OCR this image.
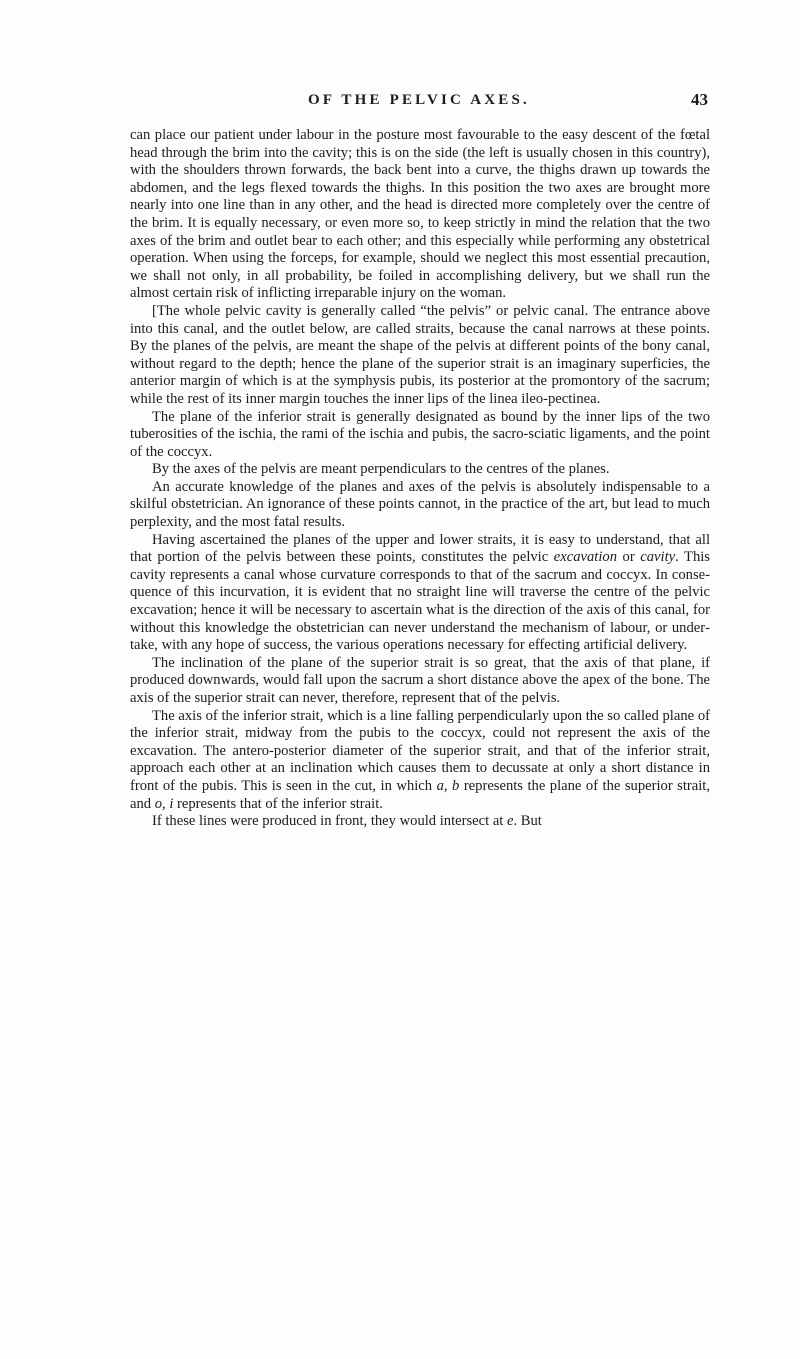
OF THE PELVIC AXES.	43

can place our patient under labour in the posture most favourable to the easy descent of the fœtal head through the brim into the cavity; this is on the side (the left is usually chosen in this country), with the shoulders thrown forwards, the back bent into a curve, the thighs drawn up towards the abdomen, and the legs flexed towards the thighs. In this position the two axes are brought more nearly into one line than in any other, and the head is directed more completely over the centre of the brim. It is equally necessary, or even more so, to keep strictly in mind the relation that the two axes of the brim and outlet bear to each other; and this especially while performing any obstetrical operation. When using the forceps, for example, should we neglect this most essential precaution, we shall not only, in all probability, be foiled in accomplishing delivery, but we shall run the almost certain risk of inflicting irreparable injury on the woman.

[The whole pelvic cavity is generally called “the pelvis” or pelvic canal. The entrance above into this canal, and the outlet below, are called straits, because the canal narrows at these points. By the planes of the pelvis, are meant the shape of the pelvis at different points of the bony canal, without regard to the depth; hence the plane of the superior strait is an imaginary superficies, the anterior margin of which is at the symphysis pubis, its posterior at the promontory of the sacrum; while the rest of its inner margin touches the inner lips of the linea ileo-pectinea.

The plane of the inferior strait is generally designated as bound by the inner lips of the two tuberosities of the ischia, the rami of the ischia and pubis, the sacro-sciatic ligaments, and the point of the coccyx.

By the axes of the pelvis are meant perpendiculars to the centres of the planes.

An accurate knowledge of the planes and axes of the pelvis is absolutely indispensable to a skilful obstetrician. An ignorance of these points cannot, in the practice of the art, but lead to much perplexity, and the most fatal results.

Having ascertained the planes of the upper and lower straits, it is easy to understand, that all that portion of the pelvis between these points, constitutes the pelvic excavation or cavity. This cavity represents a canal whose curvature corresponds to that of the sacrum and coccyx. In consequence of this incurvation, it is evident that no straight line will traverse the centre of the pelvic excavation; hence it will be necessary to ascertain what is the direction of the axis of this canal, for without this knowledge the obstetrician can never understand the mechanism of labour, or undertake, with any hope of success, the various operations necessary for effecting artificial delivery.

The inclination of the plane of the superior strait is so great, that the axis of that plane, if produced downwards, would fall upon the sacrum a short distance above the apex of the bone. The axis of the superior strait can never, therefore, represent that of the pelvis.

The axis of the inferior strait, which is a line falling perpendicularly upon the so called plane of the inferior strait, midway from the pubis to the coccyx, could not represent the axis of the excavation. The antero-posterior diameter of the superior strait, and that of the inferior strait, approach each other at an inclination which causes them to decussate at only a short distance in front of the pubis. This is seen in the cut, in which a, b represents the plane of the superior strait, and o, i represents that of the inferior strait.

If these lines were produced in front, they would intersect at e. But
